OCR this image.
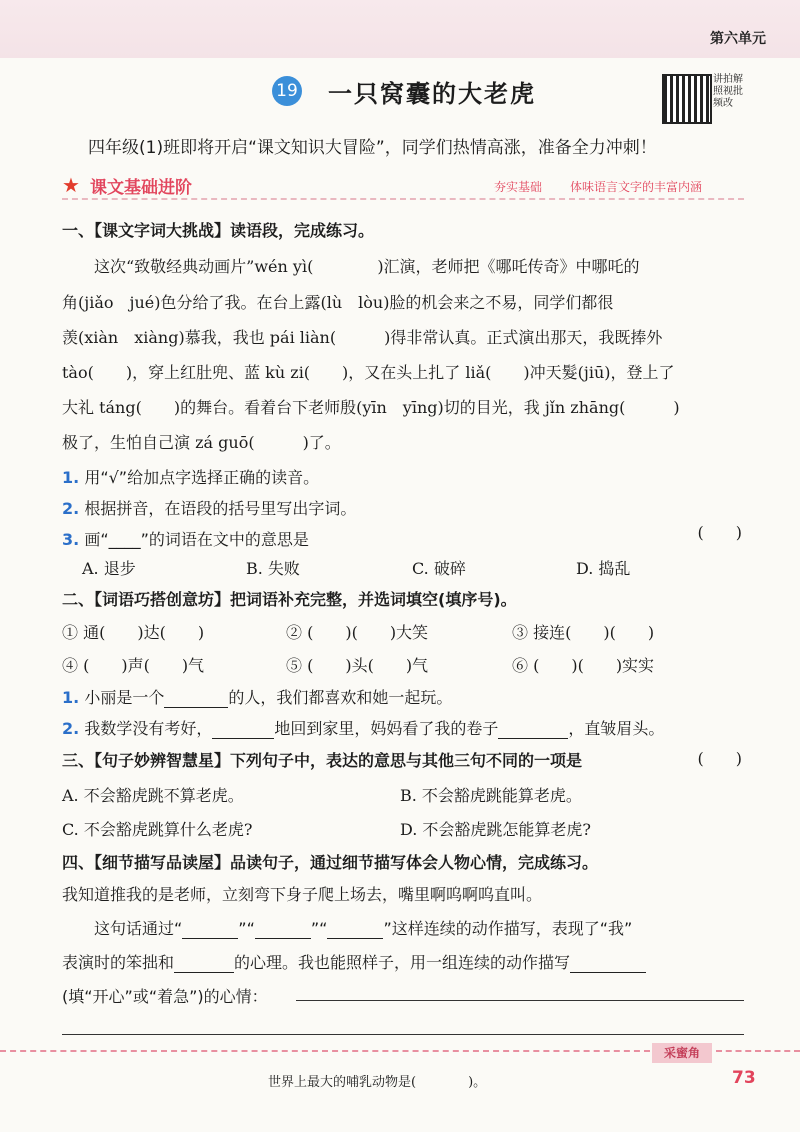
第六单元
19 一只窝囊的大老虎
讲拍解照视批频改
四年级(1)班即将开启“课文知识大冒险”，同学们热情高涨，准备全力冲刺！
★ 课文基础进阶	夯实基础 体味语言文字的丰富内涵
一、【课文字词大挑战】读语段，完成练习。
这次“致敬经典动画片”wén yì(　　　　)汇演，老师把《哪吒传奇》中哪吒的
角(jiǎo　jué)色分给了我。在台上露(lù　lòu)脸的机会来之不易，同学们都很
羡(xiàn　xiàng)慕我，我也 pái liàn(　　　)得非常认真。正式演出那天，我既捧外
tào(　　)，穿上红肚兜、蓝 kù zi(　　)，又在头上扎了 liǎ(　　)冲天髮(jiū)，登上了
大礼 táng(　　)的舞台。看着台下老师殷(yīn　yīng)切的目光，我 jǐn zhāng(　　　)
极了，生怕自己演 zá guō(　　　)了。
1. 用“√”给加点字选择正确的读音。
2. 根据拼音，在语段的括号里写出字词。
3. 画“____”的词语在文中的意思是	(　　)
A. 退步	B. 失败	C. 破碎	D. 捣乱
二、【词语巧搭创意坊】把词语补充完整，并选词填空(填序号)。
① 通(　　)达(　　)	② (　　)(　　)大笑	③ 接连(　　)(　　)
④ (　　)声(　　)气	⑤ (　　)头(　　)气	⑥ (　　)(　　)实实
1. 小丽是一个	的人，我们都喜欢和她一起玩。
2. 我数学没有考好，	地回到家里，妈妈看了我的卷子	，直皱眉头。
三、【句子妙辨智慧星】下列句子中，表达的意思与其他三句不同的一项是	(　　)
A. 不会豁虎跳不算老虎。	B. 不会豁虎跳能算老虎。
C. 不会豁虎跳算什么老虎?	D. 不会豁虎跳怎能算老虎?
四、【细节描写品读屋】品读句子，通过细节描写体会人物心情，完成练习。
我知道推我的是老师，立刻弯下身子爬上场去，嘴里啊呜啊呜直叫。
这句话通过“	”“	”“	”这样连续的动作描写，表现了“我”
表演时的笨拙和	的心理。我也能照样子，用一组连续的动作描写
(填“开心”或“着急”)的心情：
采蜜角
世界上最大的哺乳动物是(　　　　)。	73
